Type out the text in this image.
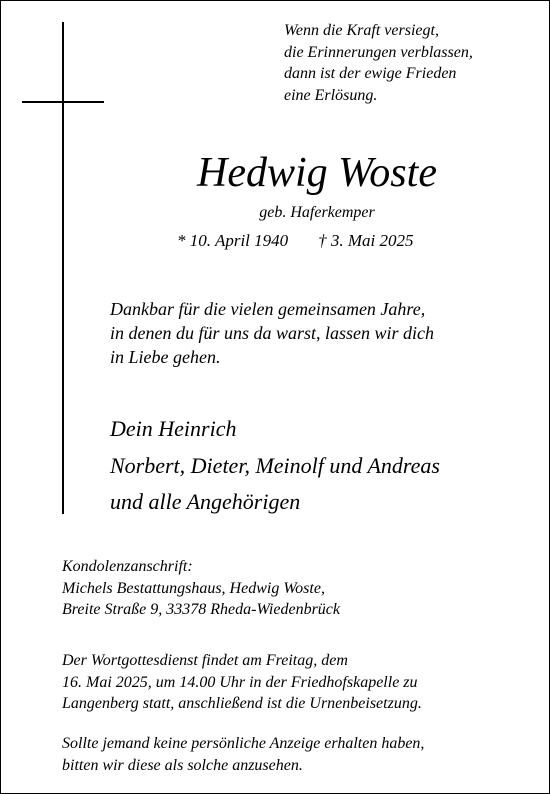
Wenn die Kraft versiegt,
die Erinnerungen verblassen,
dann ist der ewige Frieden
eine Erlösung.
Hedwig Woste
geb. Haferkemper
* 10. April 1940 † 3. Mai 2025
Dankbar für die vielen gemeinsamen Jahre,
in denen du für uns da warst, lassen wir dich
in Liebe gehen.
Dein Heinrich
Norbert, Dieter, Meinolf und Andreas
und alle Angehörigen
Kondolenzanschrift:
Michels Bestattungshaus, Hedwig Woste,
Breite Straße 9, 33378 Rheda-Wiedenbrück
Der Wortgottesdienst findet am Freitag, dem
16. Mai 2025, um 14.00 Uhr in der Friedhofskapelle zu
Langenberg statt, anschließend ist die Urnenbeisetzung.
Sollte jemand keine persönliche Anzeige erhalten haben,
bitten wir diese als solche anzusehen.
